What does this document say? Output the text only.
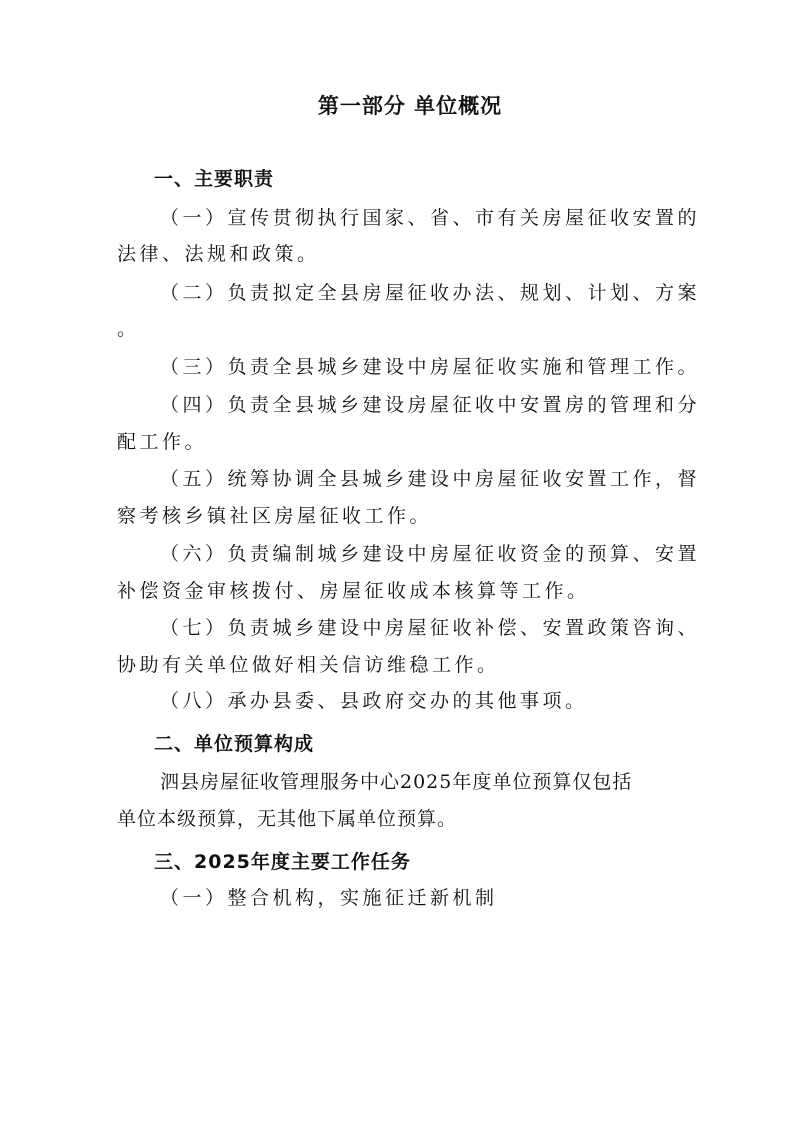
第一部分 单位概况
一、主要职责
（一）宣传贯彻执行国家、省、市有关房屋征收安置的
法律、法规和政策。
（二）负责拟定全县房屋征收办法、规划、计划、方案
。
（三）负责全县城乡建设中房屋征收实施和管理工作。
（四）负责全县城乡建设房屋征收中安置房的管理和分
配工作。
（五）统筹协调全县城乡建设中房屋征收安置工作，督
察考核乡镇社区房屋征收工作。
（六）负责编制城乡建设中房屋征收资金的预算、安置
补偿资金审核拨付、房屋征收成本核算等工作。
（七）负责城乡建设中房屋征收补偿、安置政策咨询、
协助有关单位做好相关信访维稳工作。
（八）承办县委、县政府交办的其他事项。
二、单位预算构成
泗县房屋征收管理服务中心2025年度单位预算仅包括
单位本级预算，无其他下属单位预算。
三、2025年度主要工作任务
（一）整合机构，实施征迁新机制
